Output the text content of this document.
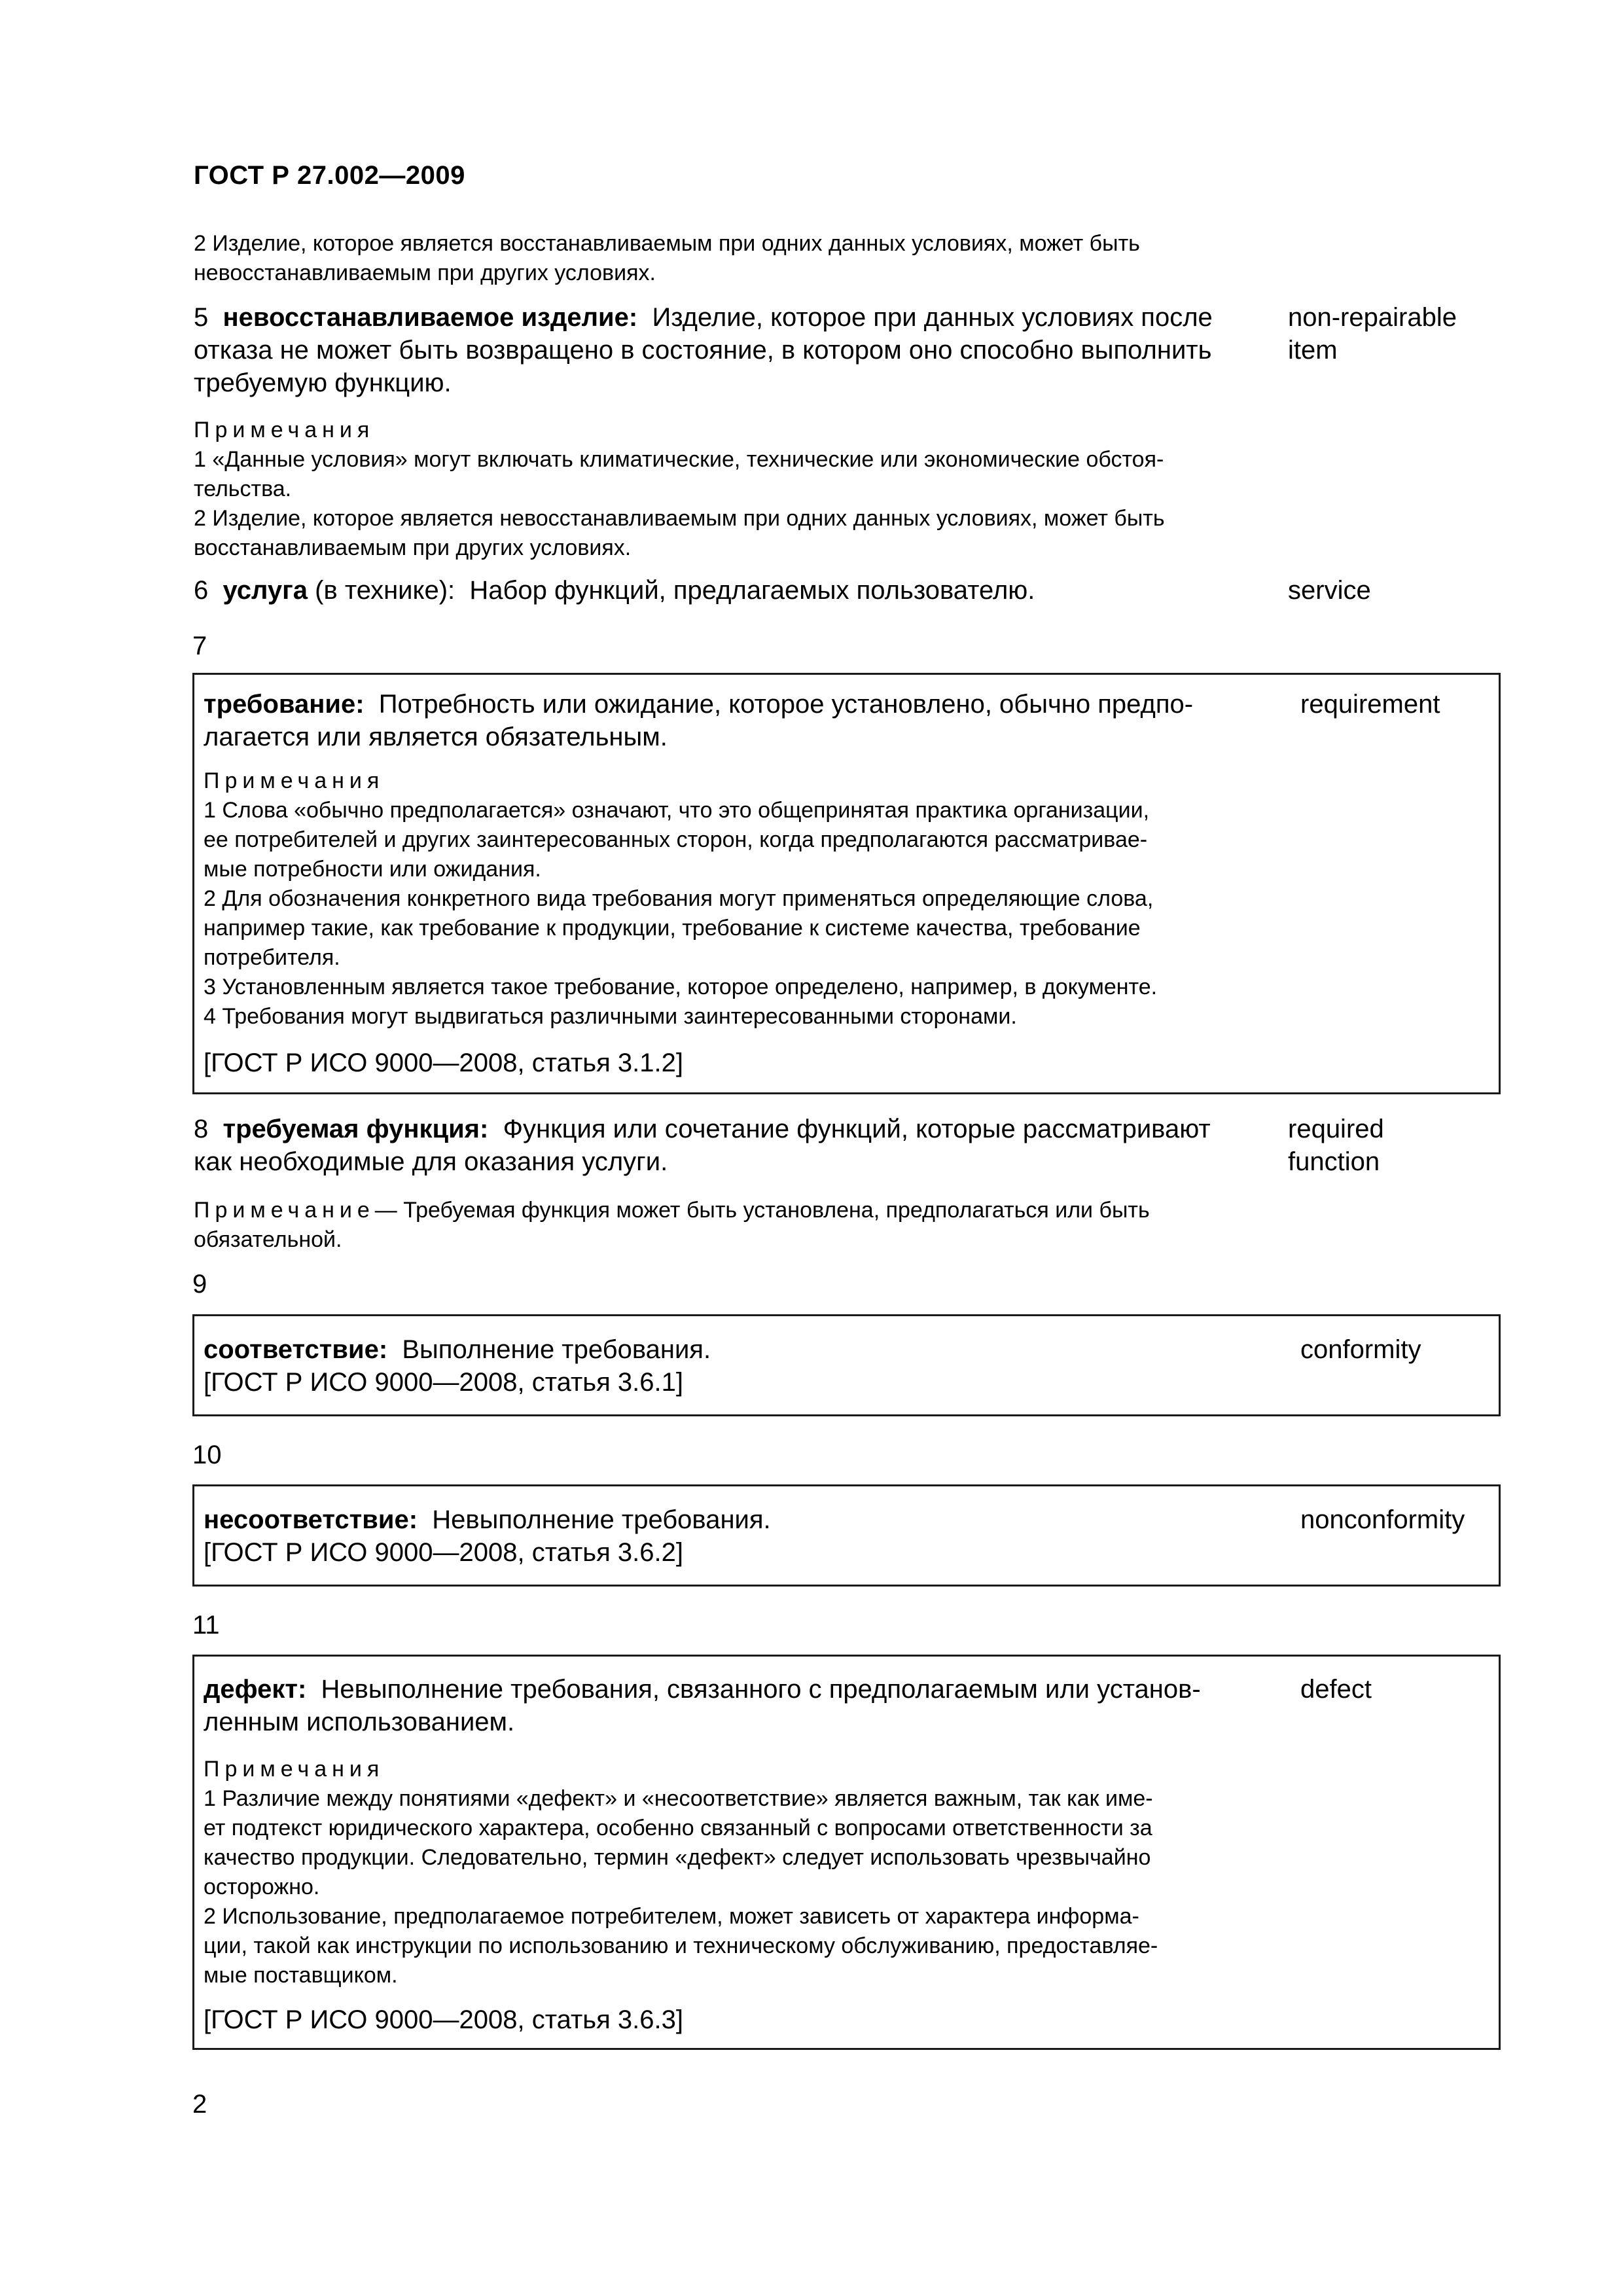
ГОСТ Р 27.002—2009
2 Изделие, которое является восстанавливаемым при одних данных условиях, может быть
невосстанавливаемым при других условиях.
5 невосстанавливаемое изделие: Изделие, которое при данных условиях после
отказа не может быть возвращено в состояние, в котором оно способно выполнить
требуемую функцию.
non-repairable
item
Примечания
1 «Данные условия» могут включать климатические, технические или экономические обстоя-
тельства.
2 Изделие, которое является невосстанавливаемым при одних данных условиях, может быть
восстанавливаемым при других условиях.
6 услуга (в технике): Набор функций, предлагаемых пользователю.	service
7
требование: Потребность или ожидание, которое установлено, обычно предпо-
лагается или является обязательным.
requirement
Примечания
1 Слова «обычно предполагается» означают, что это общепринятая практика организации,
ее потребителей и других заинтересованных сторон, когда предполагаются рассматривае-
мые потребности или ожидания.
2 Для обозначения конкретного вида требования могут применяться определяющие слова,
например такие, как требование к продукции, требование к системе качества, требование
потребителя.
3 Установленным является такое требование, которое определено, например, в документе.
4 Требования могут выдвигаться различными заинтересованными сторонами.
[ГОСТ Р ИСО 9000—2008, статья 3.1.2]
8 требуемая функция: Функция или сочетание функций, которые рассматривают
как необходимые для оказания услуги.
required
function
Примечание— Требуемая функция может быть установлена, предполагаться или быть
обязательной.
9
соответствие: Выполнение требования.
[ГОСТ Р ИСО 9000—2008, статья 3.6.1]
conformity
10
несоответствие: Невыполнение требования.
[ГОСТ Р ИСО 9000—2008, статья 3.6.2]
nonconformity
11
дефект: Невыполнение требования, связанного с предполагаемым или установ-
ленным использованием.
defect
Примечания
1 Различие между понятиями «дефект» и «несоответствие» является важным, так как име-
ет подтекст юридического характера, особенно связанный с вопросами ответственности за
качество продукции. Следовательно, термин «дефект» следует использовать чрезвычайно
осторожно.
2 Использование, предполагаемое потребителем, может зависеть от характера информа-
ции, такой как инструкции по использованию и техническому обслуживанию, предоставляе-
мые поставщиком.
[ГОСТ Р ИСО 9000—2008, статья 3.6.3]
2
